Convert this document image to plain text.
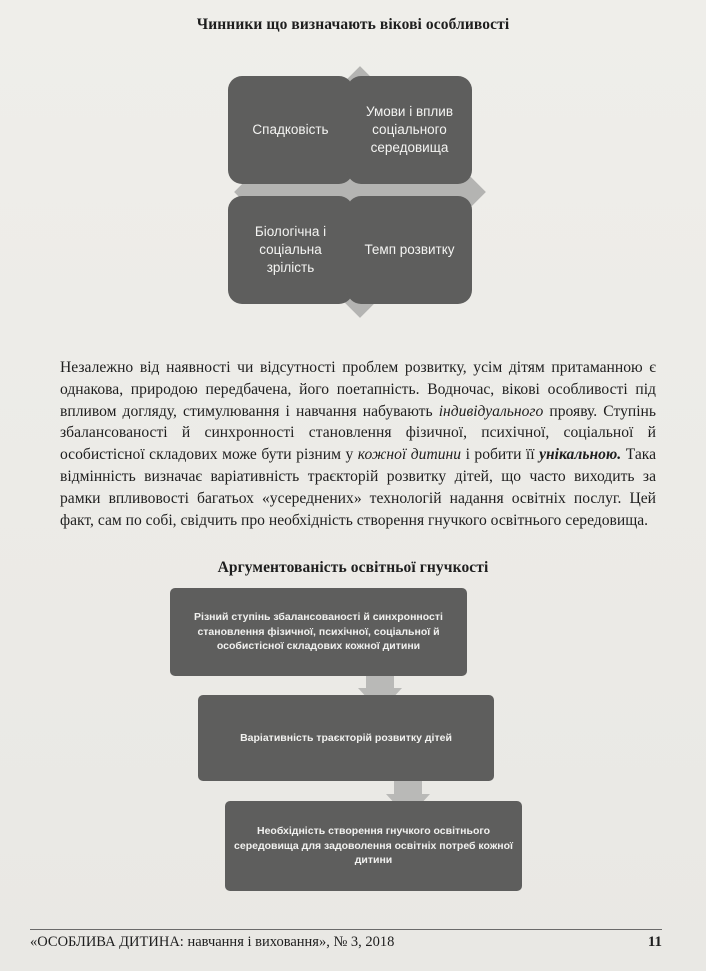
Чинники що визначають вікові особливості
Спадковість
Умови і вплив соціального середовища
Біологічна і соціальна зрілість
Темп розвитку

Незалежно від наявності чи відсутності проблем розвитку, усім дітям притаманною є однакова, природою передбачена, його поетапність. Водночас, вікові особливості під впливом догляду, стимулювання і навчання набувають індивідуального прояву. Ступінь збалансованості й синхронності становлення фізичної, психічної, соціальної й особистісної складових може бути різним у кожної дитини і робити її унікальною. Така відмінність визначає варіативність траєкторій розвитку дітей, що часто виходить за рамки впливовості багатьох «усереднених» технологій надання освітніх послуг. Цей факт, сам по собі, свідчить про необхідність створення гнучкого освітнього середовища.

Аргументованість освітньої гнучкості
Різний ступінь збалансованості й синхронності становлення фізичної, психічної, соціальної й особистісної складових кожної дитини
Варіативність траєкторій розвитку дітей
Необхідність створення гнучкого освітнього середовища для задоволення освітніх потреб кожної дитини
«ОСОБЛИВА ДИТИНА: навчання і виховання», № 3, 2018	11
